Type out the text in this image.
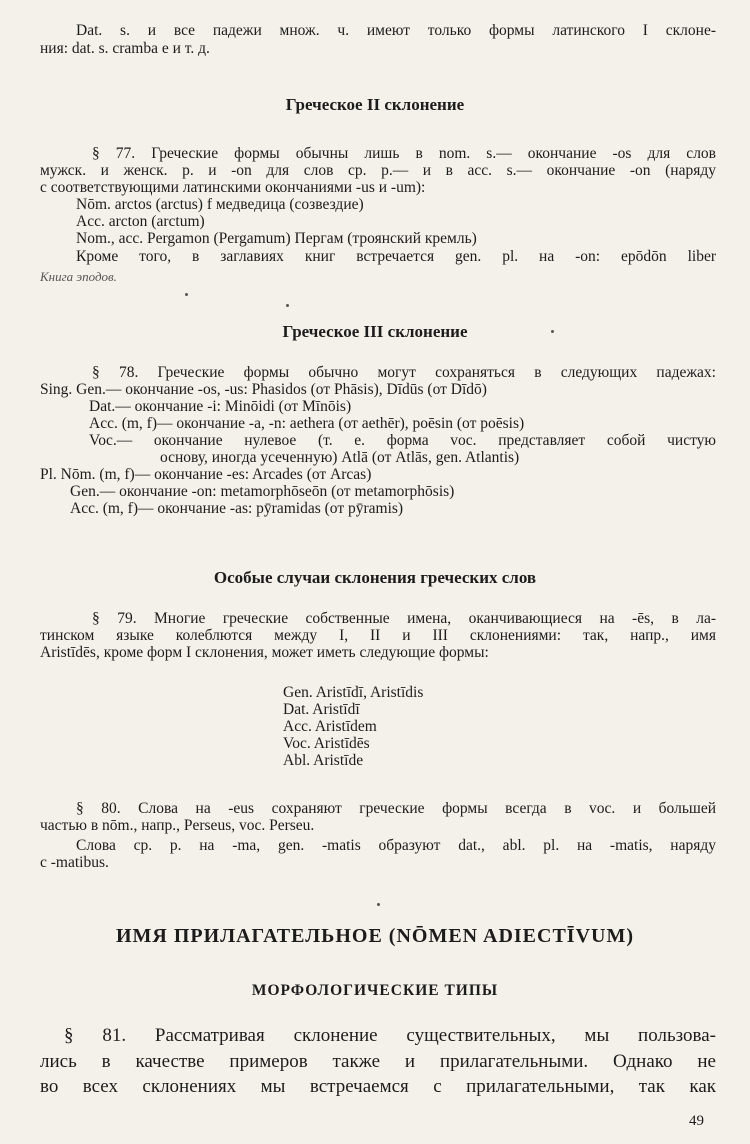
Dat. s. и все падежи множ. ч. имеют только формы латинского I склоне-
ния: dat. s. cramba e и т. д.
Греческое II склонение
§ 77. Греческие формы обычны лишь в nom. s.— окончание -os для слов
мужск. и женск. р. и -on для слов ср. р.— и в acc. s.— окончание -on (наряду
с соответствующими латинскими окончаниями -us и -um):
Nōm. arctos (arctus) f медведица (созвездие)
Acc. arcton (arctum)
Nom., acc. Pergamon (Pergamum) Пергам (троянский кремль)
Кроме того, в заглавиях книг встречается gen. pl. на -on: epōdōn liber
Книга эподов.
Греческое III склонение
§ 78. Греческие формы обычно могут сохраняться в следующих падежах:
Sing. Gen.— окончание -os, -us: Phasidos (от Phāsis), Dīdūs (от Dīdō)
Dat.— окончание -i: Minōidi (от Mīnōis)
Acc. (m, f)— окончание -a, -n: aethera (от aethēr), poēsin (от poēsis)
Voc.— окончание нулевое (т. е. форма voc. представляет собой чистую
основу, иногда усеченную) Atlā (от Atlās, gen. Atlantis)
Pl. Nōm. (m, f)— окончание -es: Arcades (от Arcas)
Gen.— окончание -on: metamorphōseōn (от metamorphōsis)
Acc. (m, f)— окончание -as: pȳramidas (от pȳramis)
Особые случаи склонения греческих слов
§ 79. Многие греческие собственные имена, оканчивающиеся на -ēs, в ла-
тинском языке колеблются между I, II и III склонениями: так, напр., имя
Aristīdēs, кроме форм I склонения, может иметь следующие формы:
Gen. Aristīdī, Aristīdis
Dat. Aristīdī
Acc. Aristīdem
Voc. Aristīdēs
Abl. Aristīde
§ 80. Слова на -eus сохраняют греческие формы всегда в voc. и большей
частью в nōm., напр., Perseus, voc. Perseu.
Слова ср. р. на -ma, gen. -matis образуют dat., abl. pl. на -matis, наряду
с -matibus.
ИМЯ ПРИЛАГАТЕЛЬНОЕ (NŌMEN ADIECTĪVUM)
МОРФОЛОГИЧЕСКИЕ ТИПЫ
§ 81. Рассматривая склонение существительных, мы пользова-
лись в качестве примеров также и прилагательными. Однако не
во всех склонениях мы встречаемся с прилагательными, так как
49
